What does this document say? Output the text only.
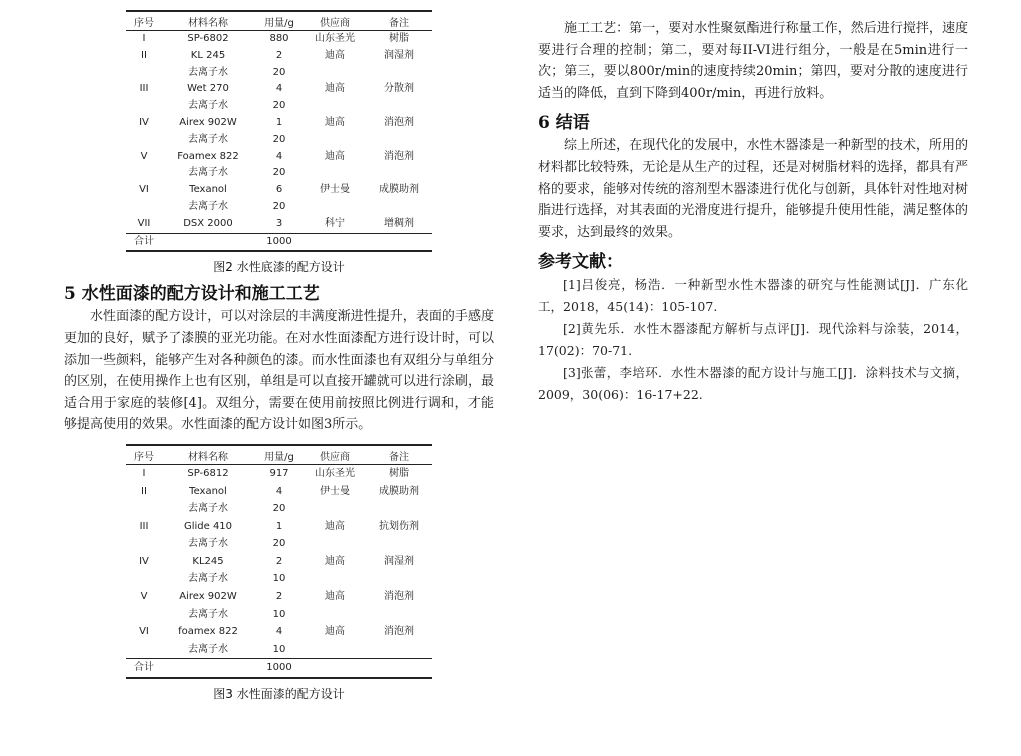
序号	材料名称	用量/g	供应商	备注
I	SP-6802	880	山东圣光	树脂
II	KL 245	2	迪高	润湿剂
	去离子水	20		
III	Wet 270	4	迪高	分散剂
	去离子水	20		
IV	Airex 902W	1	迪高	消泡剂
	去离子水	20		
V	Foamex 822	4	迪高	消泡剂
	去离子水	20		
VI	Texanol	6	伊士曼	成膜助剂
	去离子水	20		
VII	DSX 2000	3	科宁	增稠剂
合计		1000		
图2 水性底漆的配方设计
5 水性面漆的配方设计和施工工艺

水性面漆的配方设计，可以对涂层的丰满度渐进性提升，表面的手感度更加的良好，赋予了漆膜的亚光功能。在对水性面漆配方进行设计时，可以添加一些颜料，能够产生对各种颜色的漆。而水性面漆也有双组分与单组分的区别，在使用操作上也有区别，单组是可以直接开罐就可以进行涂刷，最适合用于家庭的装修[4]。双组分，需要在使用前按照比例进行调和，才能够提高使用的效果。水性面漆的配方设计如图3所示。

序号	材料名称	用量/g	供应商	备注
I	SP-6812	917	山东圣光	树脂
II	Texanol	4	伊士曼	成膜助剂
	去离子水	20		
III	Glide 410	1	迪高	抗划伤剂
	去离子水	20		
IV	KL245	2	迪高	润湿剂
	去离子水	10		
V	Airex 902W	2	迪高	消泡剂
	去离子水	10		
VI	foamex 822	4	迪高	消泡剂
	去离子水	10		
合计		1000		
图3 水性面漆的配方设计

施工工艺：第一，要对水性聚氨酯进行称量工作，然后进行搅拌，速度要进行合理的控制；第二，要对每II-VI进行组分，一般是在5min进行一次；第三，要以800r/min的速度持续20min；第四，要对分散的速度进行适当的降低，直到下降到400r/min，再进行放料。

6 结语

综上所述，在现代化的发展中，水性木器漆是一种新型的技术，所用的材料都比较特殊，无论是从生产的过程，还是对树脂材料的选择，都具有严格的要求，能够对传统的溶剂型木器漆进行优化与创新，具体针对性地对树脂进行选择，对其表面的光滑度进行提升，能够提升使用性能，满足整体的要求，达到最终的效果。

参考文献：

[1]吕俊亮，杨浩．一种新型水性木器漆的研究与性能测试[J]．广东化工，2018，45(14)：105-107.

[2]黄先乐．水性木器漆配方解析与点评[J]．现代涂料与涂装，2014，17(02)：70-71.

[3]张蕾，李培环．水性木器漆的配方设计与施工[J]．涂料技术与文摘，2009，30(06)：16-17+22.
